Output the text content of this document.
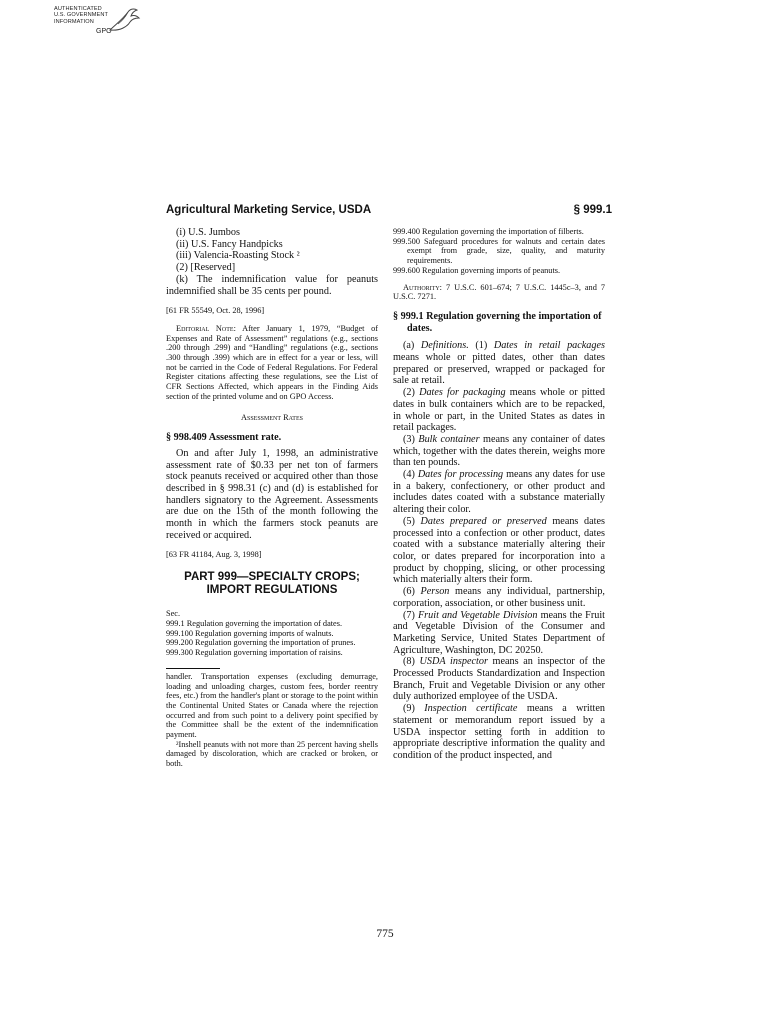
AUTHENTICATED
U.S. GOVERNMENT
INFORMATION
GPO
Agricultural Marketing Service, USDA	§ 999.1

(i) U.S. Jumbos

(ii) U.S. Fancy Handpicks

(iii) Valencia-Roasting Stock ²

(2) [Reserved]

(k) The indemnification value for peanuts indemnified shall be 35 cents per pound.

[61 FR 55549, Oct. 28, 1996]

Editorial Note: After January 1, 1979, “Budget of Expenses and Rate of Assessment” regulations (e.g., sections .200 through .299) and “Handling” regulations (e.g., sections .300 through .399) which are in effect for a year or less, will not be carried in the Code of Federal Regulations. For Federal Register citations affecting these regulations, see the List of CFR Sections Affected, which appears in the Finding Aids section of the printed volume and on GPO Access.

Assessment Rates

§ 998.409 Assessment rate.

On and after July 1, 1998, an administrative assessment rate of $0.33 per net ton of farmers stock peanuts received or acquired other than those described in § 998.31 (c) and (d) is established for handlers signatory to the Agreement. Assessments are due on the 15th of the month following the month in which the farmers stock peanuts are received or acquired.

[63 FR 41184, Aug. 3, 1998]

PART 999—SPECIALTY CROPS;
IMPORT REGULATIONS

Sec.

999.1 Regulation governing the importation of dates.

999.100 Regulation governing imports of walnuts.

999.200 Regulation governing the importation of prunes.

999.300 Regulation governing importation of raisins.

handler. Transportation expenses (excluding demurrage, loading and unloading charges, custom fees, border reentry fees, etc.) from the handler's plant or storage to the point within the Continental United States or Canada where the rejection occurred and from such point to a delivery point specified by the Committee shall be the extent of the indemnification payment.

²Inshell peanuts with not more than 25 percent having shells damaged by discoloration, which are cracked or broken, or both.

999.400 Regulation governing the importation of filberts.

999.500 Safeguard procedures for walnuts and certain dates exempt from grade, size, quality, and maturity requirements.

999.600 Regulation governing imports of peanuts.

Authority: 7 U.S.C. 601–674; 7 U.S.C. 1445c–3, and 7 U.S.C. 7271.

§ 999.1 Regulation governing the importation of dates.

(a) Definitions. (1) Dates in retail packages means whole or pitted dates, other than dates prepared or preserved, wrapped or packaged for sale at retail.

(2) Dates for packaging means whole or pitted dates in bulk containers which are to be repacked, in whole or part, in the United States as dates in retail packages.

(3) Bulk container means any container of dates which, together with the dates therein, weighs more than ten pounds.

(4) Dates for processing means any dates for use in a bakery, confectionery, or other product and includes dates coated with a substance materially altering their color.

(5) Dates prepared or preserved means dates processed into a confection or other product, dates coated with a substance materially altering their color, or dates prepared for incorporation into a product by chopping, slicing, or other processing which materially alters their form.

(6) Person means any individual, partnership, corporation, association, or other business unit.

(7) Fruit and Vegetable Division means the Fruit and Vegetable Division of the Consumer and Marketing Service, United States Department of Agriculture, Washington, DC 20250.

(8) USDA inspector means an inspector of the Processed Products Standardization and Inspection Branch, Fruit and Vegetable Division or any other duly authorized employee of the USDA.

(9) Inspection certificate means a written statement or memorandum report issued by a USDA inspector setting forth in addition to appropriate descriptive information the quality and condition of the product inspected, and

775
